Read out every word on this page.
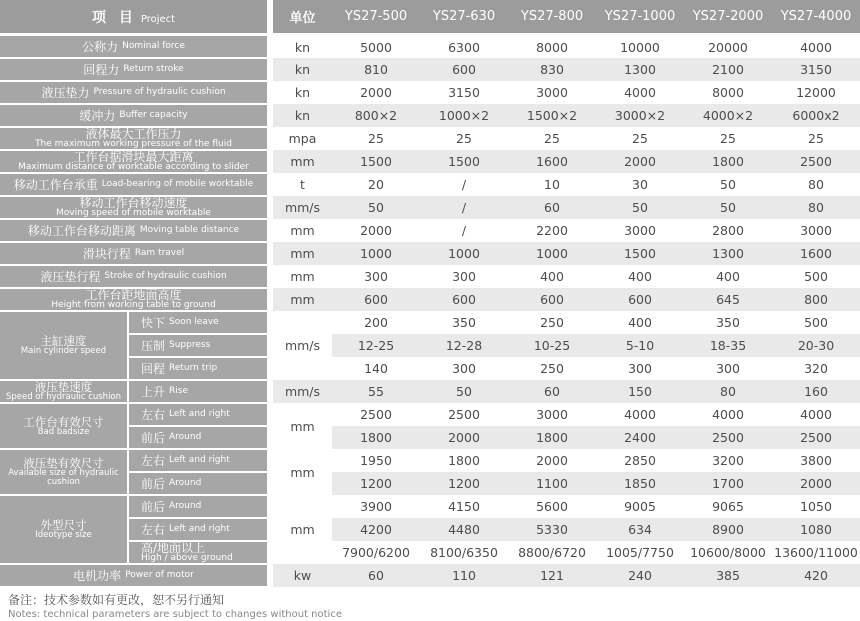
项 目 Project		单位	YS27-500	YS27-630	YS27-800	YS27-1000	YS27-2000	YS27-4000

公称力 Nominal force		kn	5000	6300	8000	10000	20000	4000

回程力 Return stroke		kn	810	600	830	1300	2100	3150

液压垫力 Pressure of hydraulic cushion		kn	2000	3150	3000	4000	8000	12000

缓冲力 Buffer capacity		kn	800×2	1000×2	1500×2	3000×2	4000×2	6000x2

液体最大工作压力
The maximum working pressure of the fluid		mpa	25	25	25	25	25	25

工作台据滑块最大距离
Maximum distance of worktable according to slider		mm	1500	1500	1600	2000	1800	2500

移动工作台承重 Load-bearing of mobile worktable		t	20	/	10	30	50	80

移动工作台移动速度
Moving speed of mobile worktable		mm/s	50	/	60	50	50	80

移动工作台移动距离 Moving table distance		mm	2000	/	2200	3000	2800	3000

滑块行程 Ram travel		mm	1000	1000	1000	1500	1300	1600

液压垫行程 Stroke of hydraulic cushion		mm	300	300	400	400	400	500

工作台距地面高度
Height from working table to ground		mm	600	600	600	600	645	800

主缸速度
Main cylinder speed	快下 Soon leave	mm/s	200	350	250	400	350	500

	压制 Suppress		12-25	12-28	10-25	5-10	18-35	20-30

	回程 Return trip		140	300	250	300	300	320

液压垫速度
Speed of hydraulic cushion	上升 Rise	mm/s	55	50	60	150	80	160

工作台有效尺寸
Bad badsize	左右 Left and right	mm	2500	2500	3000	4000	4000	4000

	前后 Around		1800	2000	1800	2400	2500	2500

液压垫有效尺寸
Available size of hydraulic cushion	左右 Left and right	mm	1950	1800	2000	2850	3200	3800

	前后 Around		1200	1200	1100	1850	1700	2000

外型尺寸
Ideotype size	前后 Around	mm	3900	4150	5600	9005	9065	1050

	左右 Left and right		4200	4480	5330	634	8900	1080

	高/地面以上
High / above ground		7900/6200	8100/6350	8800/6720	1005/7750	10600/8000	13600/11000

电机功率 Power of motor		kw	60	110	121	240	385	420
备注：技术参数如有更改，恕不另行通知
Notes: technical parameters are subject to changes without notice
